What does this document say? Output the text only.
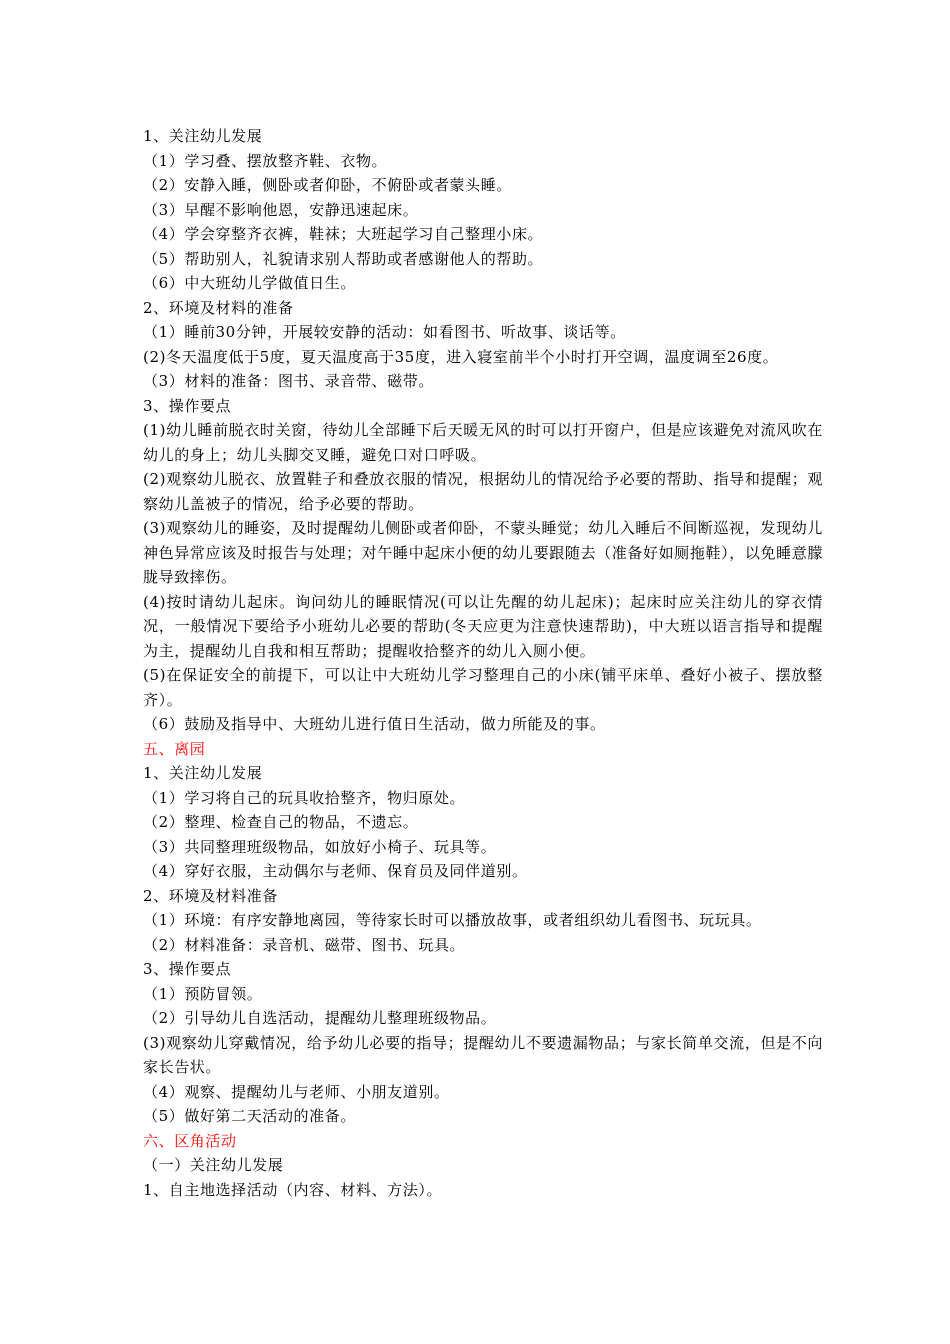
1、关注幼儿发展
（1）学习叠、摆放整齐鞋、衣物。
（2）安静入睡，侧卧或者仰卧，不俯卧或者蒙头睡。
（3）早醒不影响他恩，安静迅速起床。
（4）学会穿整齐衣裤，鞋袜；大班起学习自己整理小床。
（5）帮助别人，礼貌请求别人帮助或者感谢他人的帮助。
（6）中大班幼儿学做值日生。
2、环境及材料的准备
（1）睡前30分钟，开展较安静的活动：如看图书、听故事、谈话等。
(2)冬天温度低于5度，夏天温度高于35度，进入寝室前半个小时打开空调，温度调至26度。
（3）材料的准备：图书、录音带、磁带。
3、操作要点
(1)幼儿睡前脱衣时关窗，待幼儿全部睡下后天暖无风的时可以打开窗户，但是应该避免对流风吹在幼儿的身上；幼儿头脚交叉睡，避免口对口呼吸。
(2)观察幼儿脱衣、放置鞋子和叠放衣服的情况，根据幼儿的情况给予必要的帮助、指导和提醒；观察幼儿盖被子的情况，给予必要的帮助。
(3)观察幼儿的睡姿，及时提醒幼儿侧卧或者仰卧，不蒙头睡觉；幼儿入睡后不间断巡视，发现幼儿神色异常应该及时报告与处理；对午睡中起床小便的幼儿要跟随去（准备好如厕拖鞋），以免睡意朦胧导致摔伤。
(4)按时请幼儿起床。询问幼儿的睡眠情况(可以让先醒的幼儿起床)；起床时应关注幼儿的穿衣情况，一般情况下要给予小班幼儿必要的帮助(冬天应更为注意快速帮助)，中大班以语言指导和提醒为主，提醒幼儿自我和相互帮助；提醒收拾整齐的幼儿入厕小便。
(5)在保证安全的前提下，可以让中大班幼儿学习整理自己的小床(铺平床单、叠好小被子、摆放整齐）。
（6）鼓励及指导中、大班幼儿进行值日生活动，做力所能及的事。
五、离园
1、关注幼儿发展
（1）学习将自己的玩具收拾整齐，物归原处。
（2）整理、检查自己的物品，不遗忘。
（3）共同整理班级物品，如放好小椅子、玩具等。
（4）穿好衣服，主动偶尔与老师、保育员及同伴道别。
2、环境及材料准备
（1）环境：有序安静地离园，等待家长时可以播放故事，或者组织幼儿看图书、玩玩具。
（2）材料准备：录音机、磁带、图书、玩具。
3、操作要点
（1）预防冒领。
（2）引导幼儿自选活动，提醒幼儿整理班级物品。
(3)观察幼儿穿戴情况，给予幼儿必要的指导；提醒幼儿不要遗漏物品；与家长简单交流，但是不向家长告状。
（4）观察、提醒幼儿与老师、小朋友道别。
（5）做好第二天活动的准备。
六、区角活动
（一）关注幼儿发展
1、自主地选择活动（内容、材料、方法）。
